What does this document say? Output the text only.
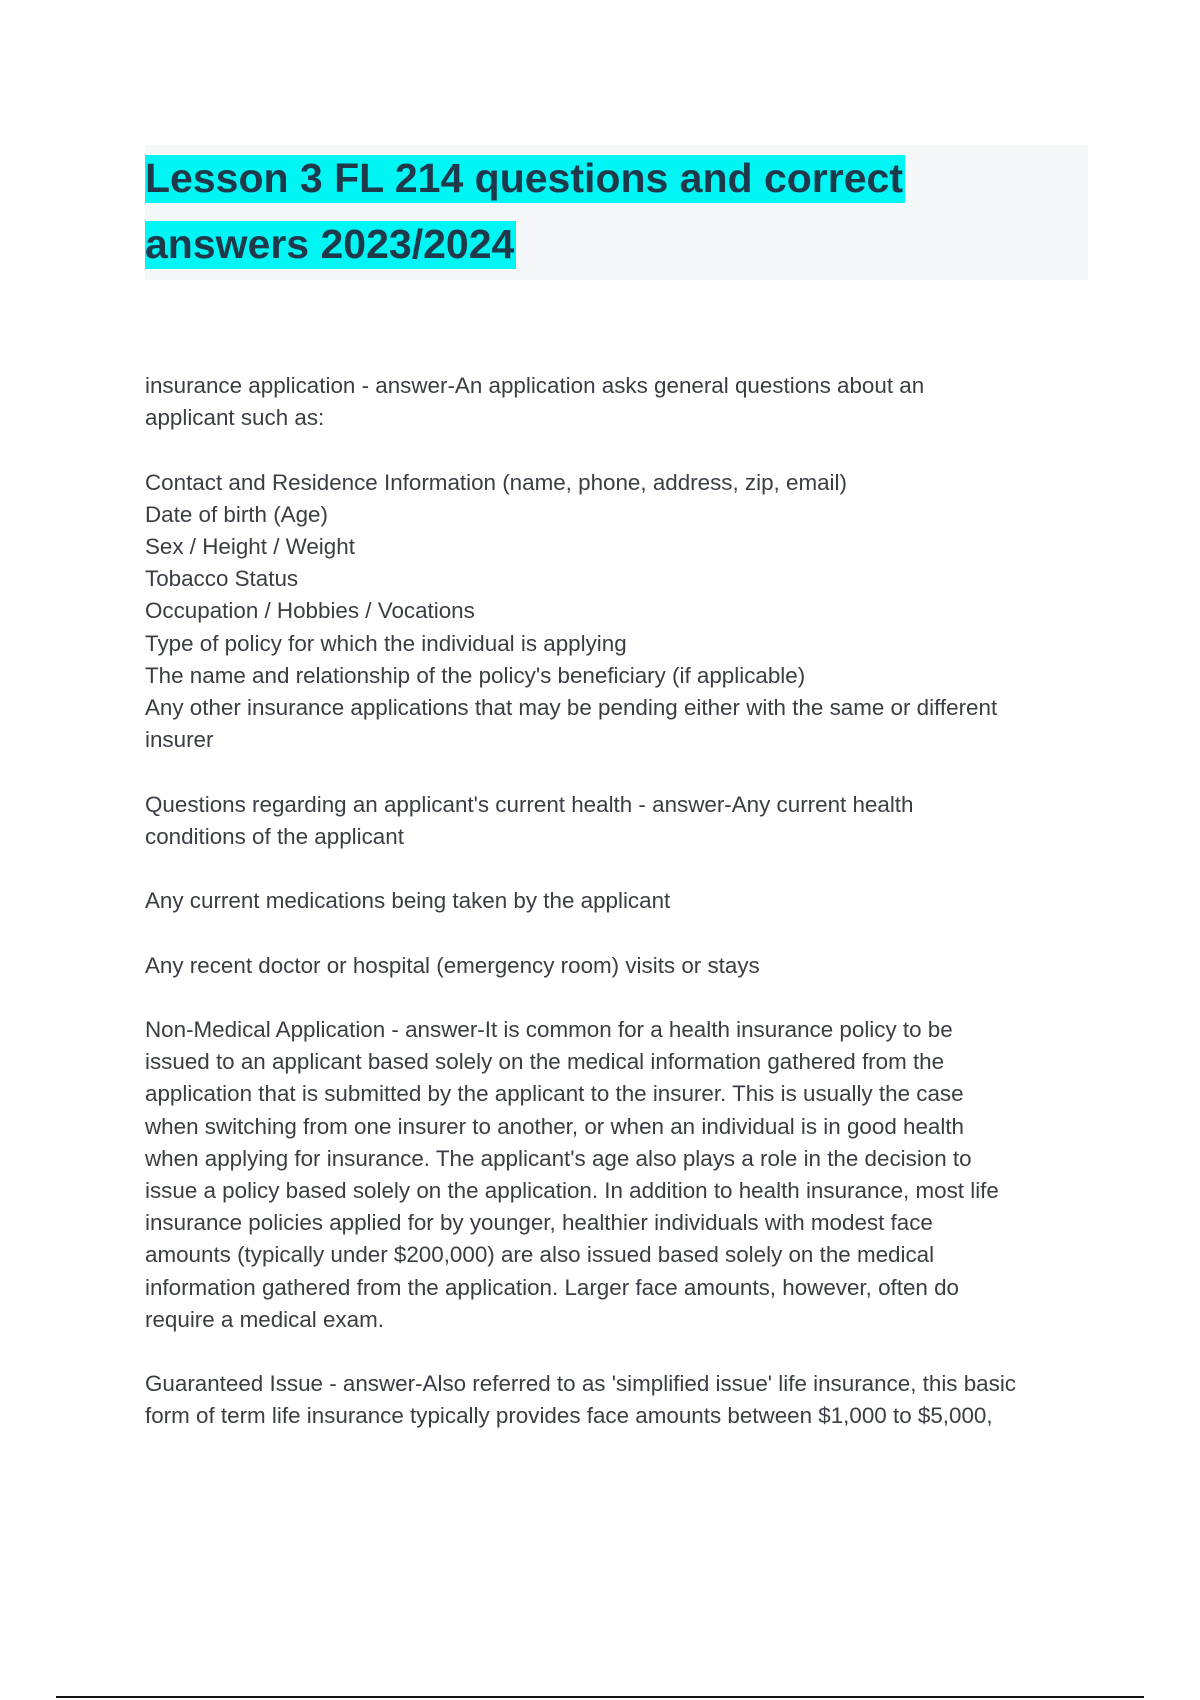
Lesson 3 FL 214 questions and correct
answers 2023/2024

insurance application - answer-An application asks general questions about an
applicant such as:

Contact and Residence Information (name, phone, address, zip, email)
Date of birth (Age)
Sex / Height / Weight
Tobacco Status
Occupation / Hobbies / Vocations
Type of policy for which the individual is applying
The name and relationship of the policy's beneficiary (if applicable)
Any other insurance applications that may be pending either with the same or different
insurer

Questions regarding an applicant's current health - answer-Any current health
conditions of the applicant

Any current medications being taken by the applicant

Any recent doctor or hospital (emergency room) visits or stays

Non-Medical Application - answer-It is common for a health insurance policy to be
issued to an applicant based solely on the medical information gathered from the
application that is submitted by the applicant to the insurer. This is usually the case
when switching from one insurer to another, or when an individual is in good health
when applying for insurance. The applicant's age also plays a role in the decision to
issue a policy based solely on the application. In addition to health insurance, most life
insurance policies applied for by younger, healthier individuals with modest face
amounts (typically under $200,000) are also issued based solely on the medical
information gathered from the application. Larger face amounts, however, often do
require a medical exam.

Guaranteed Issue - answer-Also referred to as 'simplified issue' life insurance, this basic
form of term life insurance typically provides face amounts between $1,000 to $5,000,
